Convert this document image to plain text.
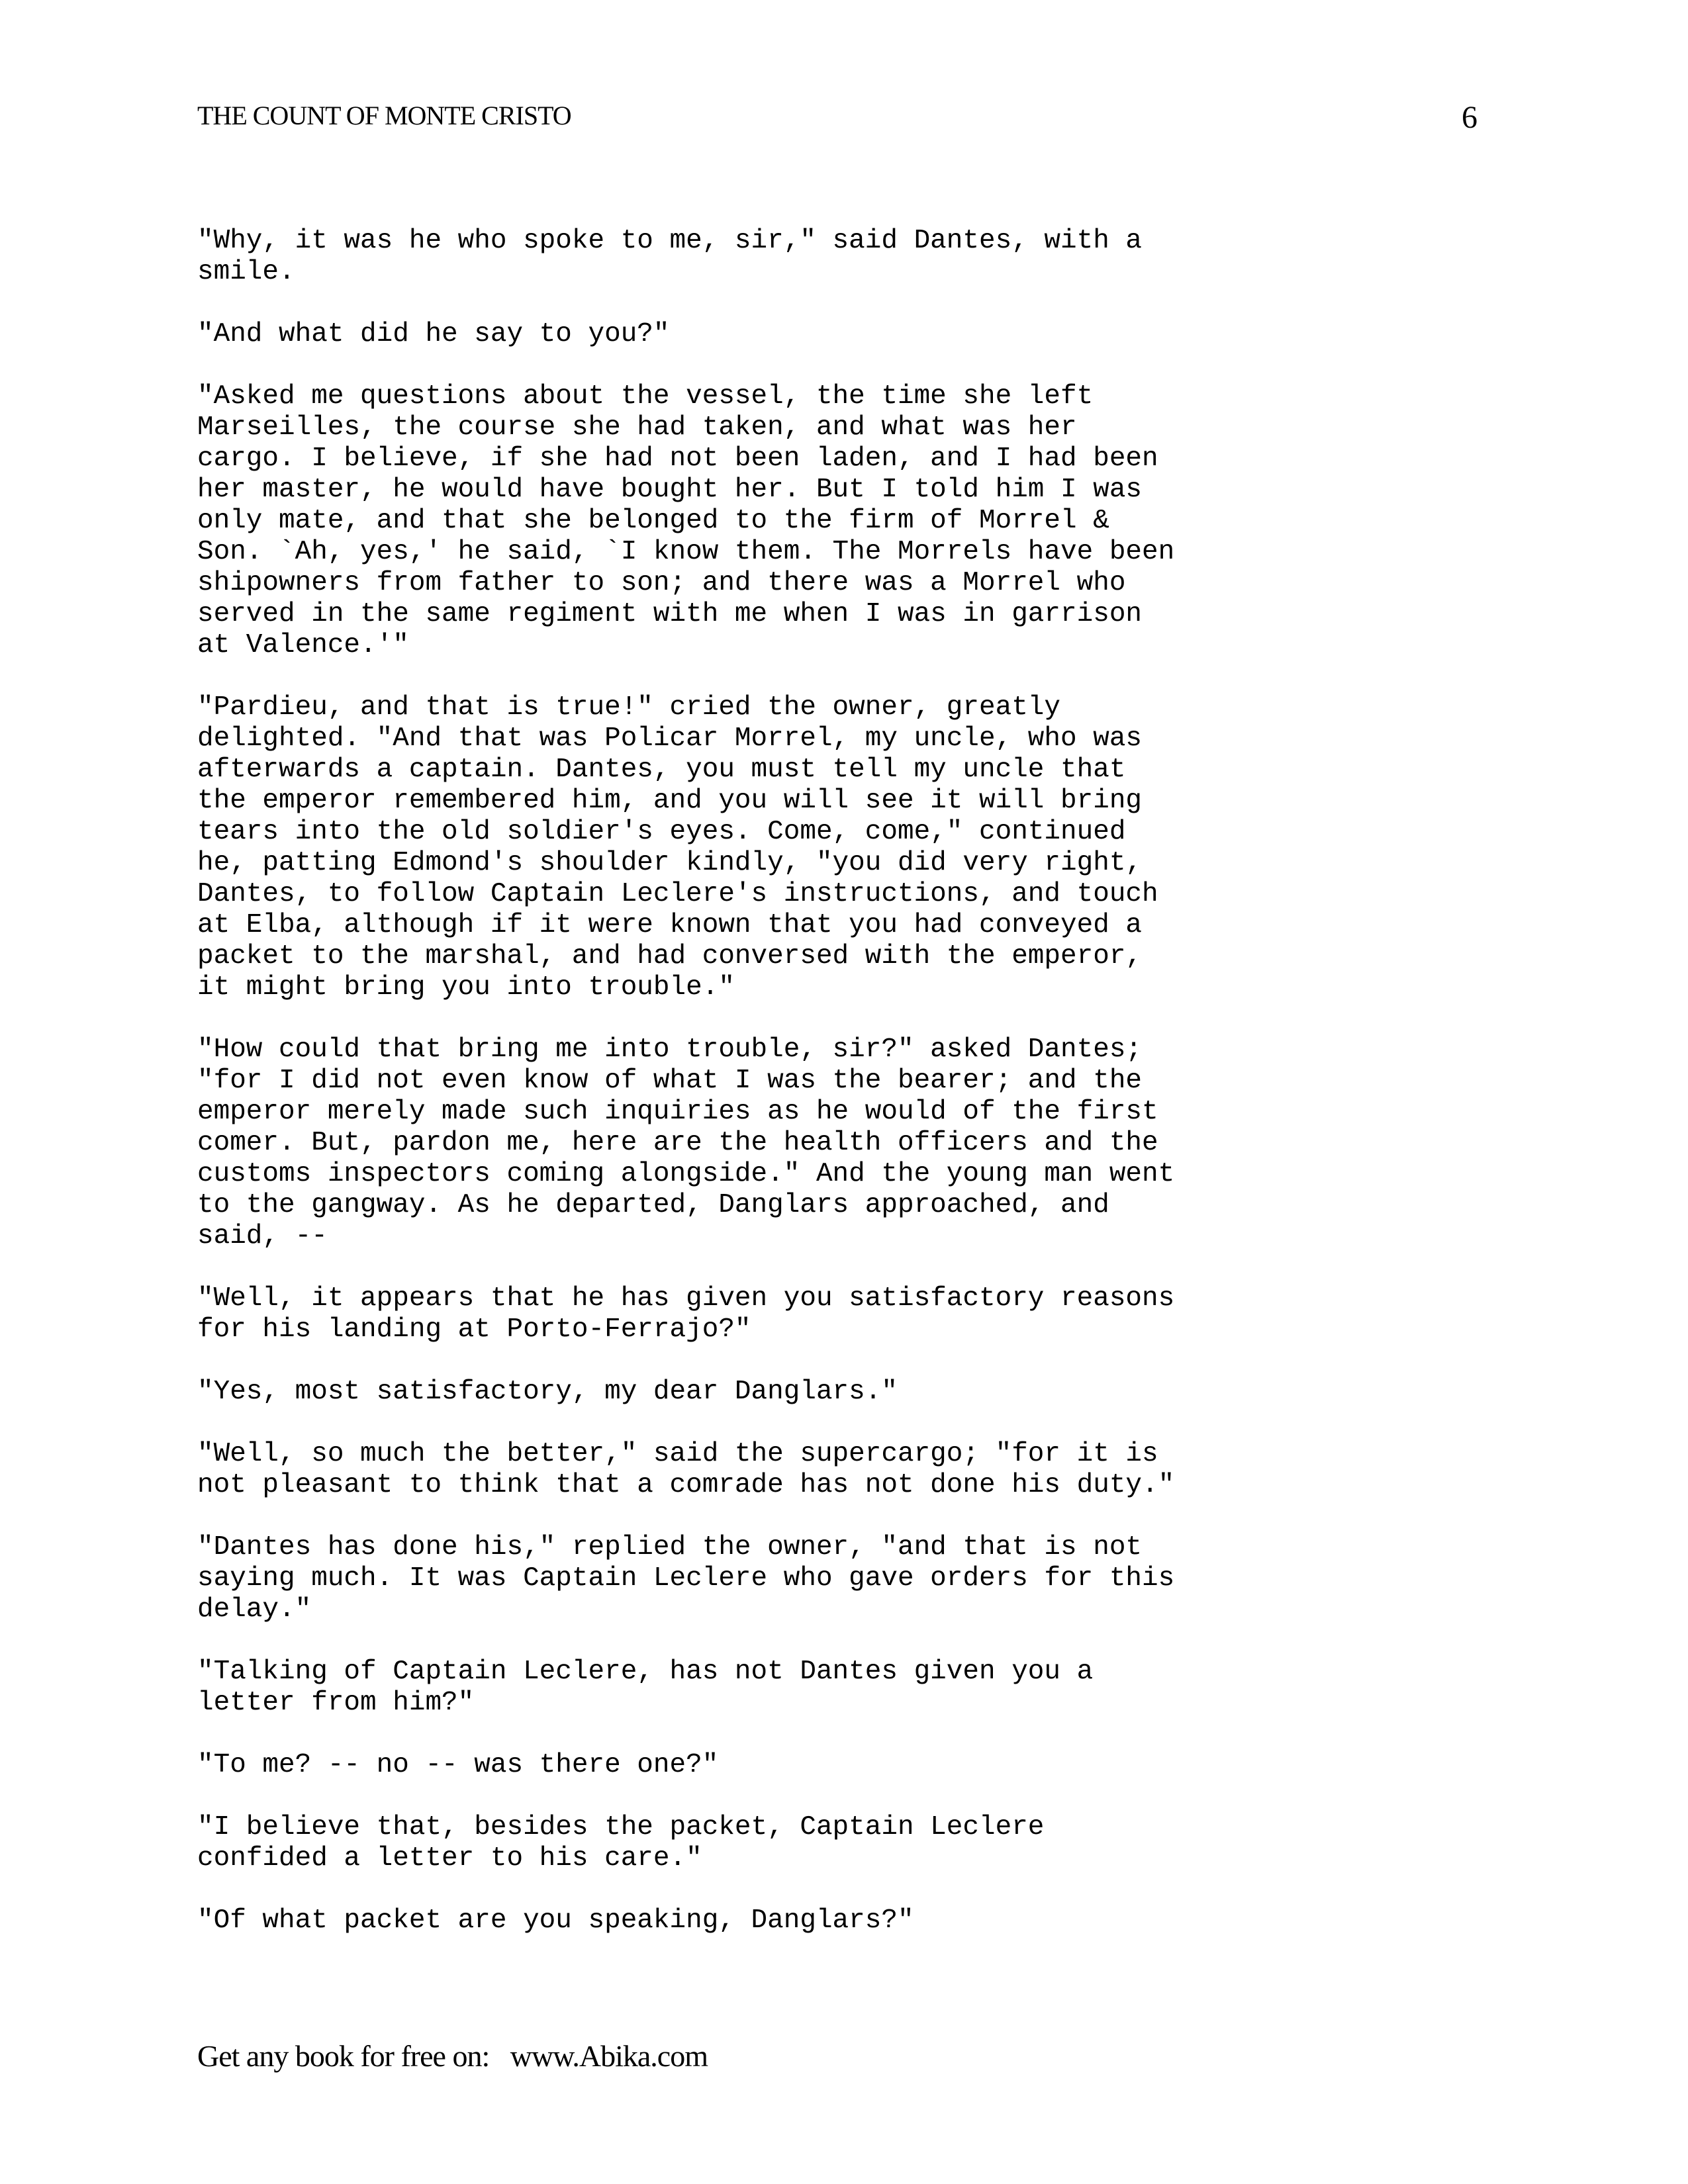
THE COUNT OF MONTE CRISTO	6
"Why, it was he who spoke to me, sir," said Dantes, with a
smile.
"And what did he say to you?"
"Asked me questions about the vessel, the time she left
Marseilles, the course she had taken, and what was her
cargo. I believe, if she had not been laden, and I had been
her master, he would have bought her. But I told him I was
only mate, and that she belonged to the firm of Morrel &
Son. `Ah, yes,' he said, `I know them. The Morrels have been
shipowners from father to son; and there was a Morrel who
served in the same regiment with me when I was in garrison
at Valence.'"
"Pardieu, and that is true!" cried the owner, greatly
delighted. "And that was Policar Morrel, my uncle, who was
afterwards a captain. Dantes, you must tell my uncle that
the emperor remembered him, and you will see it will bring
tears into the old soldier's eyes. Come, come," continued
he, patting Edmond's shoulder kindly, "you did very right,
Dantes, to follow Captain Leclere's instructions, and touch
at Elba, although if it were known that you had conveyed a
packet to the marshal, and had conversed with the emperor,
it might bring you into trouble."
"How could that bring me into trouble, sir?" asked Dantes;
"for I did not even know of what I was the bearer; and the
emperor merely made such inquiries as he would of the first
comer. But, pardon me, here are the health officers and the
customs inspectors coming alongside." And the young man went
to the gangway. As he departed, Danglars approached, and
said, --
"Well, it appears that he has given you satisfactory reasons
for his landing at Porto-Ferrajo?"
"Yes, most satisfactory, my dear Danglars."
"Well, so much the better," said the supercargo; "for it is
not pleasant to think that a comrade has not done his duty."
"Dantes has done his," replied the owner, "and that is not
saying much. It was Captain Leclere who gave orders for this
delay."
"Talking of Captain Leclere, has not Dantes given you a
letter from him?"
"To me? -- no -- was there one?"
"I believe that, besides the packet, Captain Leclere
confided a letter to his care."
"Of what packet are you speaking, Danglars?"
Get any book for free on:   www.Abika.com
